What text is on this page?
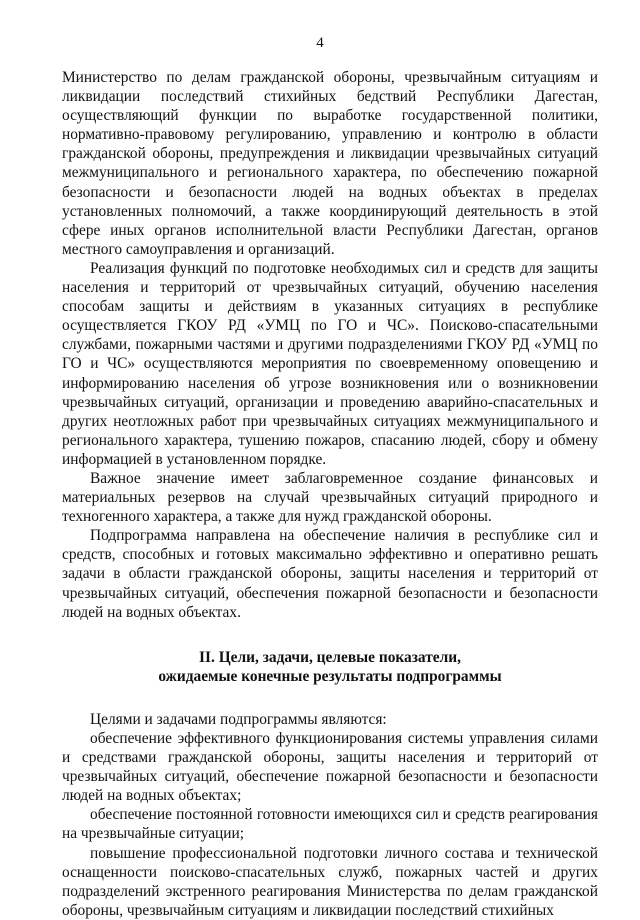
4

Министерство по делам гражданской обороны, чрезвычайным ситуациям и ликвидации последствий стихийных бедствий Республики Дагестан, осуществляющий функции по выработке государственной политики, нормативно-правовому регулированию, управлению и контролю в области гражданской обороны, предупреждения и ликвидации чрезвычайных ситуаций межмуниципального и регионального характера, по обеспечению пожарной безопасности и безопасности людей на водных объектах в пределах установленных полномочий, а также координирующий деятельность в этой сфере иных органов исполнительной власти Республики Дагестан, органов местного самоуправления и организаций.

Реализация функций по подготовке необходимых сил и средств для защиты населения и территорий от чрезвычайных ситуаций, обучению населения способам защиты и действиям в указанных ситуациях в республике осуществляется ГКОУ РД «УМЦ по ГО и ЧС». Поисково-спасательными службами, пожарными частями и другими подразделениями ГКОУ РД «УМЦ по ГО и ЧС» осуществляются мероприятия по своевременному оповещению и информированию населения об угрозе возникновения или о возникновении чрезвычайных ситуаций, организации и проведению аварийно-спасательных и других неотложных работ при чрезвычайных ситуациях межмуниципального и регионального характера, тушению пожаров, спасанию людей, сбору и обмену информацией в установленном порядке.

Важное значение имеет заблаговременное создание финансовых и материальных резервов на случай чрезвычайных ситуаций природного и техногенного характера, а также для нужд гражданской обороны.

Подпрограмма направлена на обеспечение наличия в республике сил и средств, способных и готовых максимально эффективно и оперативно решать задачи в области гражданской обороны, защиты населения и территорий от чрезвычайных ситуаций, обеспечения пожарной безопасности и безопасности людей на водных объектах.

II. Цели, задачи, целевые показатели,
ожидаемые конечные результаты подпрограммы

Целями и задачами подпрограммы являются:

обеспечение эффективного функционирования системы управления силами и средствами гражданской обороны, защиты населения и территорий от чрезвычайных ситуаций, обеспечение пожарной безопасности и безопасности людей на водных объектах;

обеспечение постоянной готовности имеющихся сил и средств реагирования на чрезвычайные ситуации;

повышение профессиональной подготовки личного состава и технической оснащенности поисково-спасательных служб, пожарных частей и других подразделений экстренного реагирования Министерства по делам гражданской обороны, чрезвычайным ситуациям и ликвидации последствий стихийных
